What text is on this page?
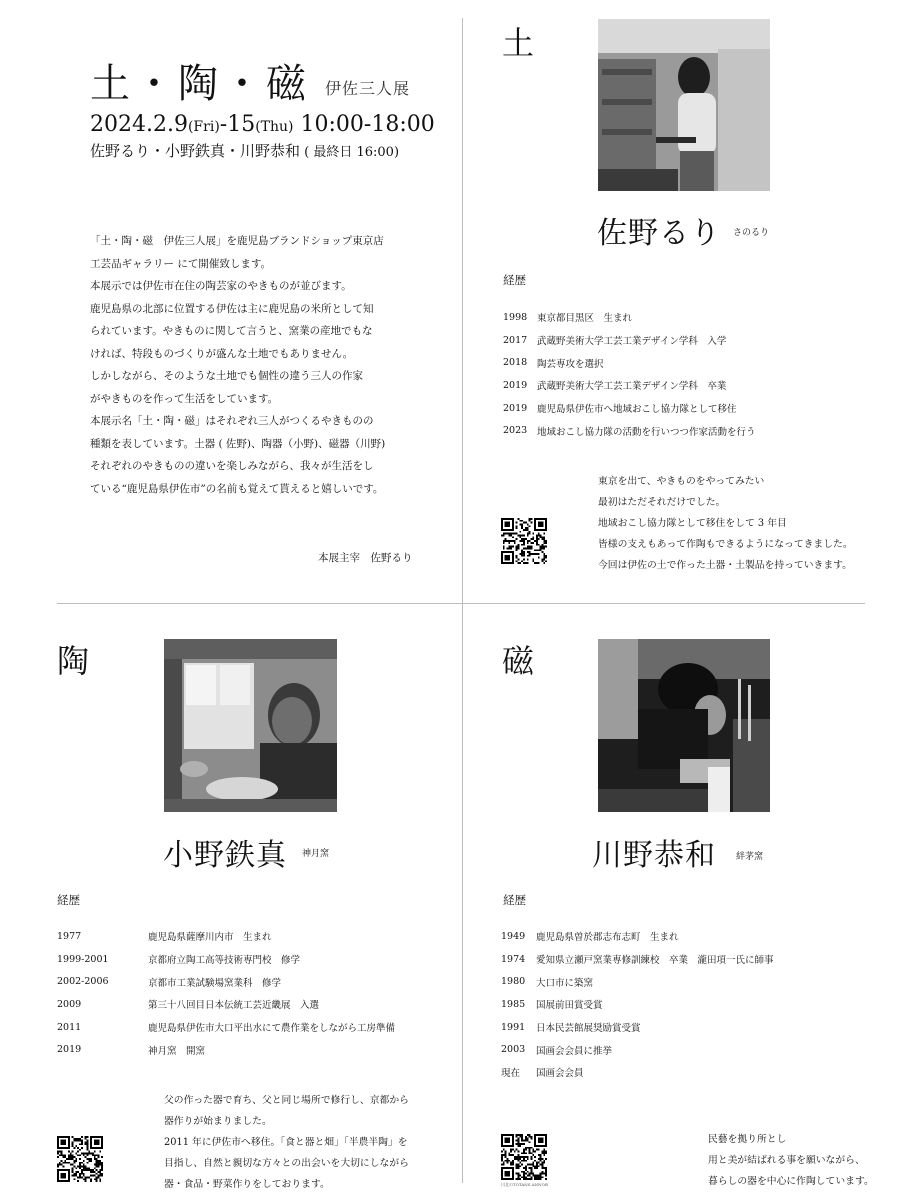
土・陶・磁 伊佐三人展
2024.2.9(Fri)-15(Thu) 10:00-18:00
佐野るり・小野鉄真・川野恭和 ( 最終日 16:00)

「土・陶・磁　伊佐三人展」を鹿児島ブランドショップ東京店

工芸品ギャラリー にて開催致します。

本展示では伊佐市在住の陶芸家のやきものが並びます。

鹿児島県の北部に位置する伊佐は主に鹿児島の米所として知

られています。やきものに関して言うと、窯業の産地でもな

ければ、特段ものづくりが盛んな土地でもありません。

しかしながら、そのような土地でも個性の違う三人の作家

がやきものを作って生活をしています。

本展示名「土・陶・磁」はそれぞれ三人がつくるやきものの

種類を表しています。土器 ( 佐野)、陶器（小野)、磁器（川野)

それぞれのやきものの違いを楽しみながら、我々が生活をし

ている“鹿児島県伊佐市”の名前も覚えて貰えると嬉しいです。

本展主宰　佐野るり
土
佐野るり さのるり
経歴
1998	東京都目黒区　生まれ
2017	武蔵野美術大学工芸工業デザイン学科　入学
2018	陶芸専攻を選択
2019	武蔵野美術大学工芸工業デザイン学科　卒業
2019	鹿児島県伊佐市へ地域おこし協力隊として移住
2023	地域おこし協力隊の活動を行いつつ作家活動を行う

東京を出て、やきものをやってみたい

最初はただそれだけでした。

地域おこし協力隊として移住をして 3 年目

皆様の支えもあって作陶もできるようになってきました。

今回は伊佐の土で作った土器・土製品を持っていきます。

陶
小野鉄真 神月窯
経歴
1977	鹿児島県薩摩川内市　生まれ
1999-2001	京都府立陶工高等技術専門校　修学
2002-2006	京都市工業試験場窯業科　修学
2009	第三十八回目日本伝統工芸近畿展　入選
2011	鹿児島県伊佐市大口平出水にて農作業をしながら工房準備
2019	神月窯　開窯

父の作った器で育ち、父と同じ場所で修行し、京都から

器作りが始まりました。

2011 年に伊佐市へ移住。「食と器と畑」「半農半陶」を

目指し、自然と親切な方々との出会いを大切にしながら

器・食品・野菜作りをしております。

磁
川野恭和 絆茅窯
経歴
1949	鹿児島県曽於郡志布志町　生まれ
1974	愛知県立瀬戸窯業専修訓練校　卒業　瀧田項一氏に師事
1980	大口市に築窯
1985	国展前田賞受賞
1991	日本民芸館展奨励賞受賞
2003	国画会会員に推挙
現在	国画会会員
川北のTOTANS ANNOB

民藝を拠り所とし

用と美が結ばれる事を願いながら、

暮らしの器を中心に作陶しています。
